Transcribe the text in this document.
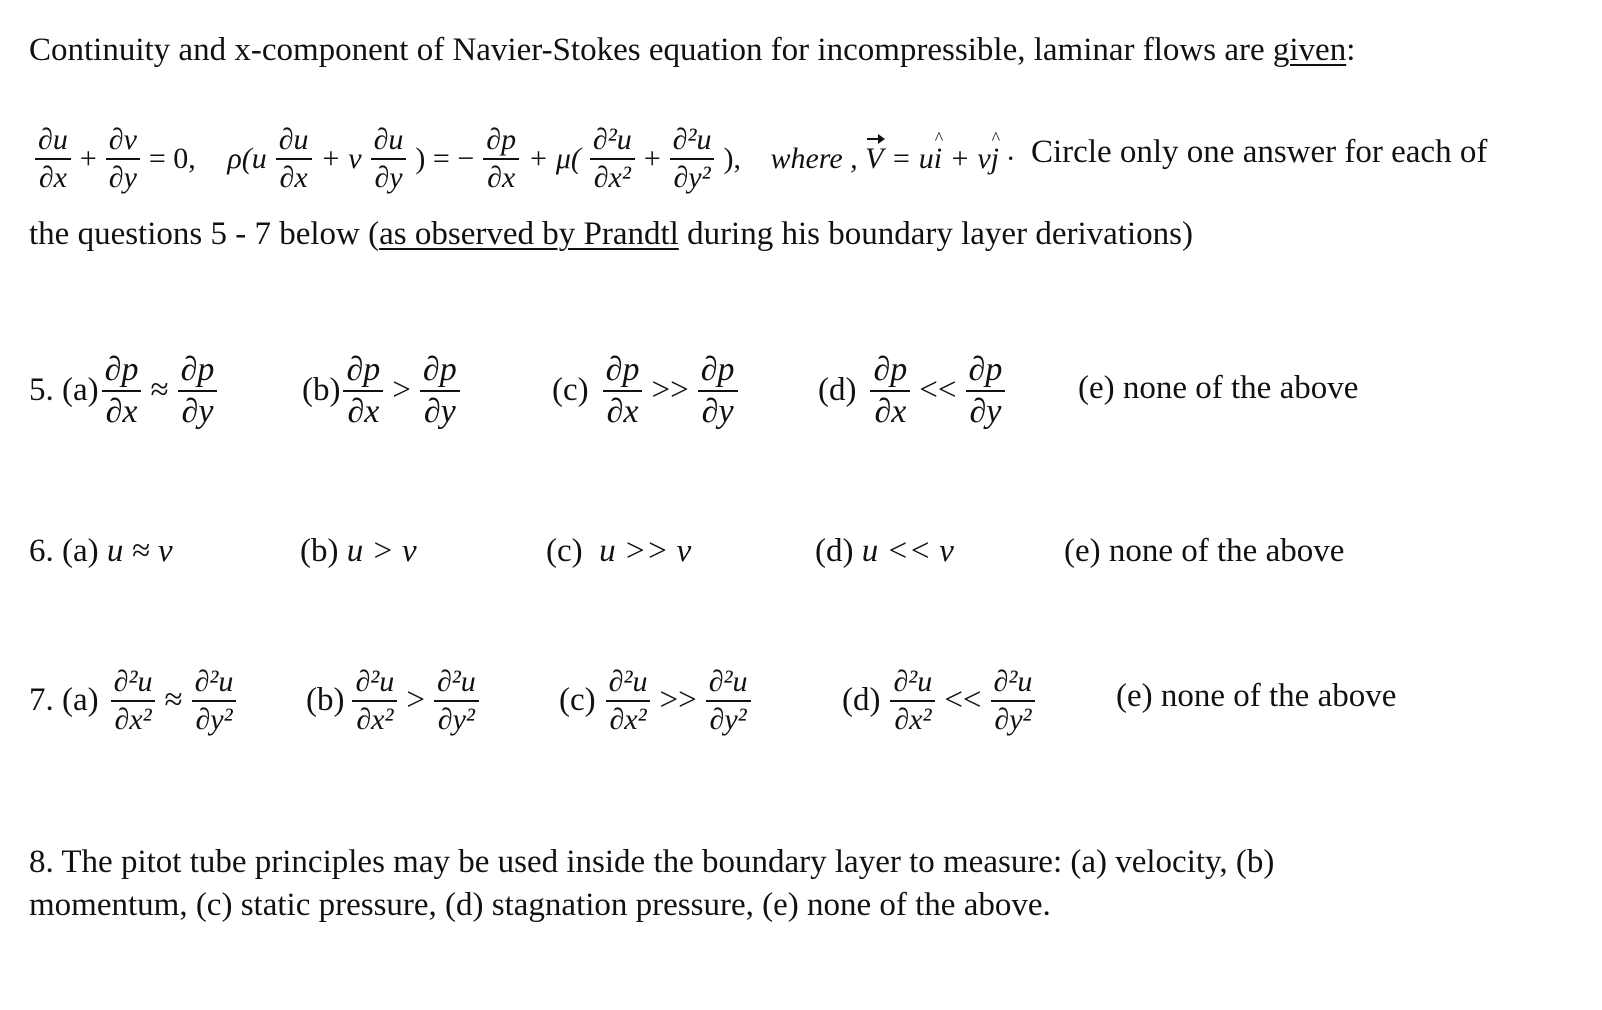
Continuity and x-component of Navier-Stokes equation for incompressible, laminar flows are given:
$\frac{\partial u}{\partial x} + \frac{\partial v}{\partial y} = 0$, $\rho(u \frac{\partial u}{\partial x} + v \frac{\partial u}{\partial y}$ ) = − $\frac{\partial p}{\partial x} + \mu( \frac{\text{∂²u}}{\text{∂x²}} + \frac{\text{∂²u}}{\text{∂y²}}$ ), where , V = u^ i + v^ j · Circle only one answer for each of
the questions 5 - 7 below (as observed by Prandtl during his boundary layer derivations)
5. $(a) \frac{\partial p}{\partial x} \approx \frac{\partial p}{\partial y}$	$(b) \frac{\partial p}{\partial x} > \frac{\partial p}{\partial y}$	$(c) \frac{\partial p}{\partial x} >> \frac{\partial p}{\partial y} (d) \frac{\partial p}{\partial x} << \frac{\partial p}{\partial y} (e)$ none of the above
6. (a) u ≈ v	(b) u > v	(c) u >> v	(d) u << v	(e) none of the above
7. $(a) \frac{\text{∂²u}}{\text{∂x²}} \approx \frac{\text{∂²u}}{\text{∂y²}} (b) \frac{\text{∂²u}}{\text{∂x²}} > \frac{\text{∂²u}}{\text{∂y²}} (c) \frac{\text{∂²u}}{\text{∂x²}} >> \frac{\text{∂²u}}{\text{∂y²}}$	$(d) \frac{\text{∂²u}}{\text{∂x²}} << \frac{\text{∂²u}}{\text{∂y²}} (e)$ none of the above
8. The pitot tube principles may be used inside the boundary layer to measure: (a) velocity, (b)
momentum, (c) static pressure, (d) stagnation pressure, (e) none of the above.
